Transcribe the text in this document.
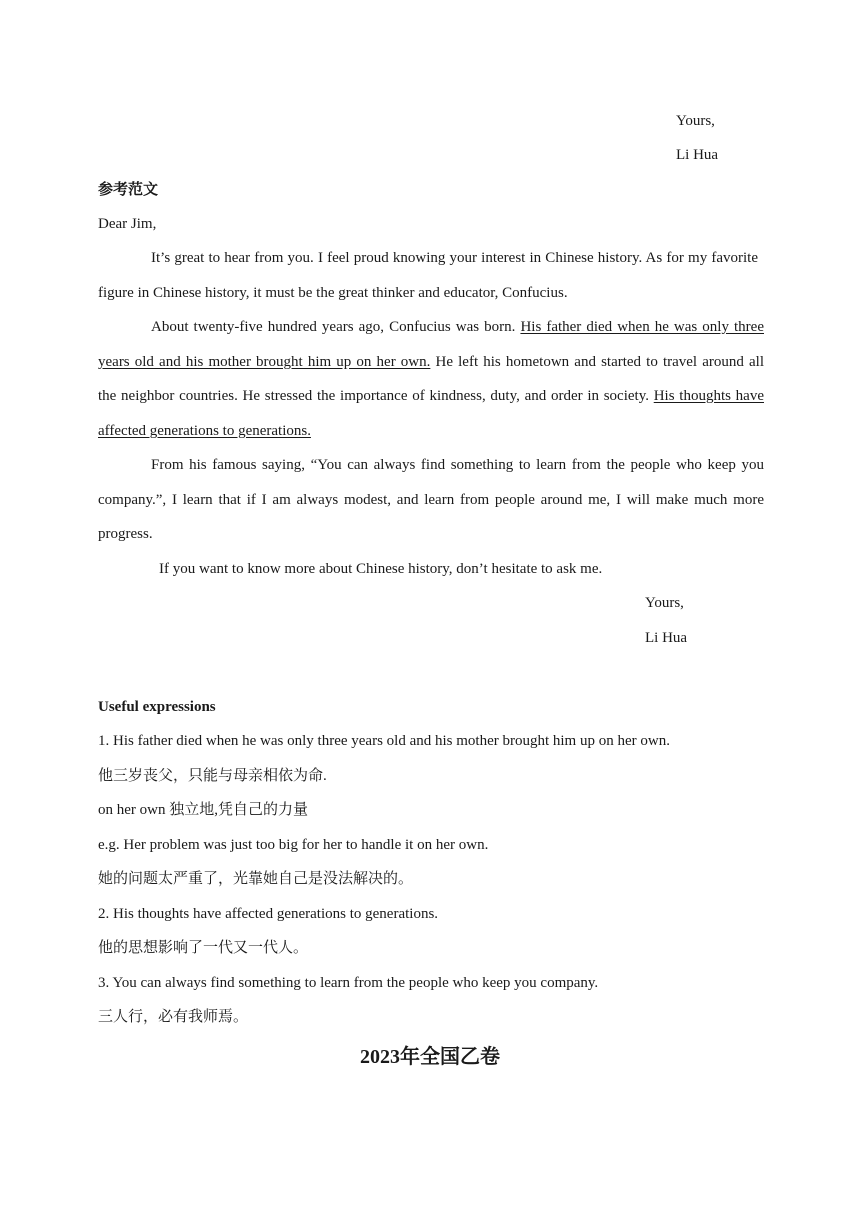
Yours,
Li Hua
参考范文
Dear Jim,
It’s great to hear from you. I feel proud knowing your interest in Chinese history. As for my favorite
figure in Chinese history, it must be the great thinker and educator, Confucius.
About twenty-five hundred years ago, Confucius was born. His father died when he was only three
years old and his mother brought him up on her own. He left his hometown and started to travel around all
the neighbor countries. He stressed the importance of kindness, duty, and order in society. His thoughts have
affected generations to generations.
From his famous saying, “You can always find something to learn from the people who keep you
company.”, I learn that if I am always modest, and learn from people around me, I will make much more
progress.
If you want to know more about Chinese history, don’t hesitate to ask me.
Yours,
Li Hua
Useful expressions
1. His father died when he was only three years old and his mother brought him up on her own.
他三岁丧父，只能与母亲相依为命.
on her own 独立地,凭自己的力量
e.g. Her problem was just too big for her to handle it on her own.
她的问题太严重了，光靠她自己是没法解决的。
2. His thoughts have affected generations to generations.
他的思想影响了一代又一代人。
3. You can always find something to learn from the people who keep you company.
三人行，必有我师焉。
2023年全国乙卷
